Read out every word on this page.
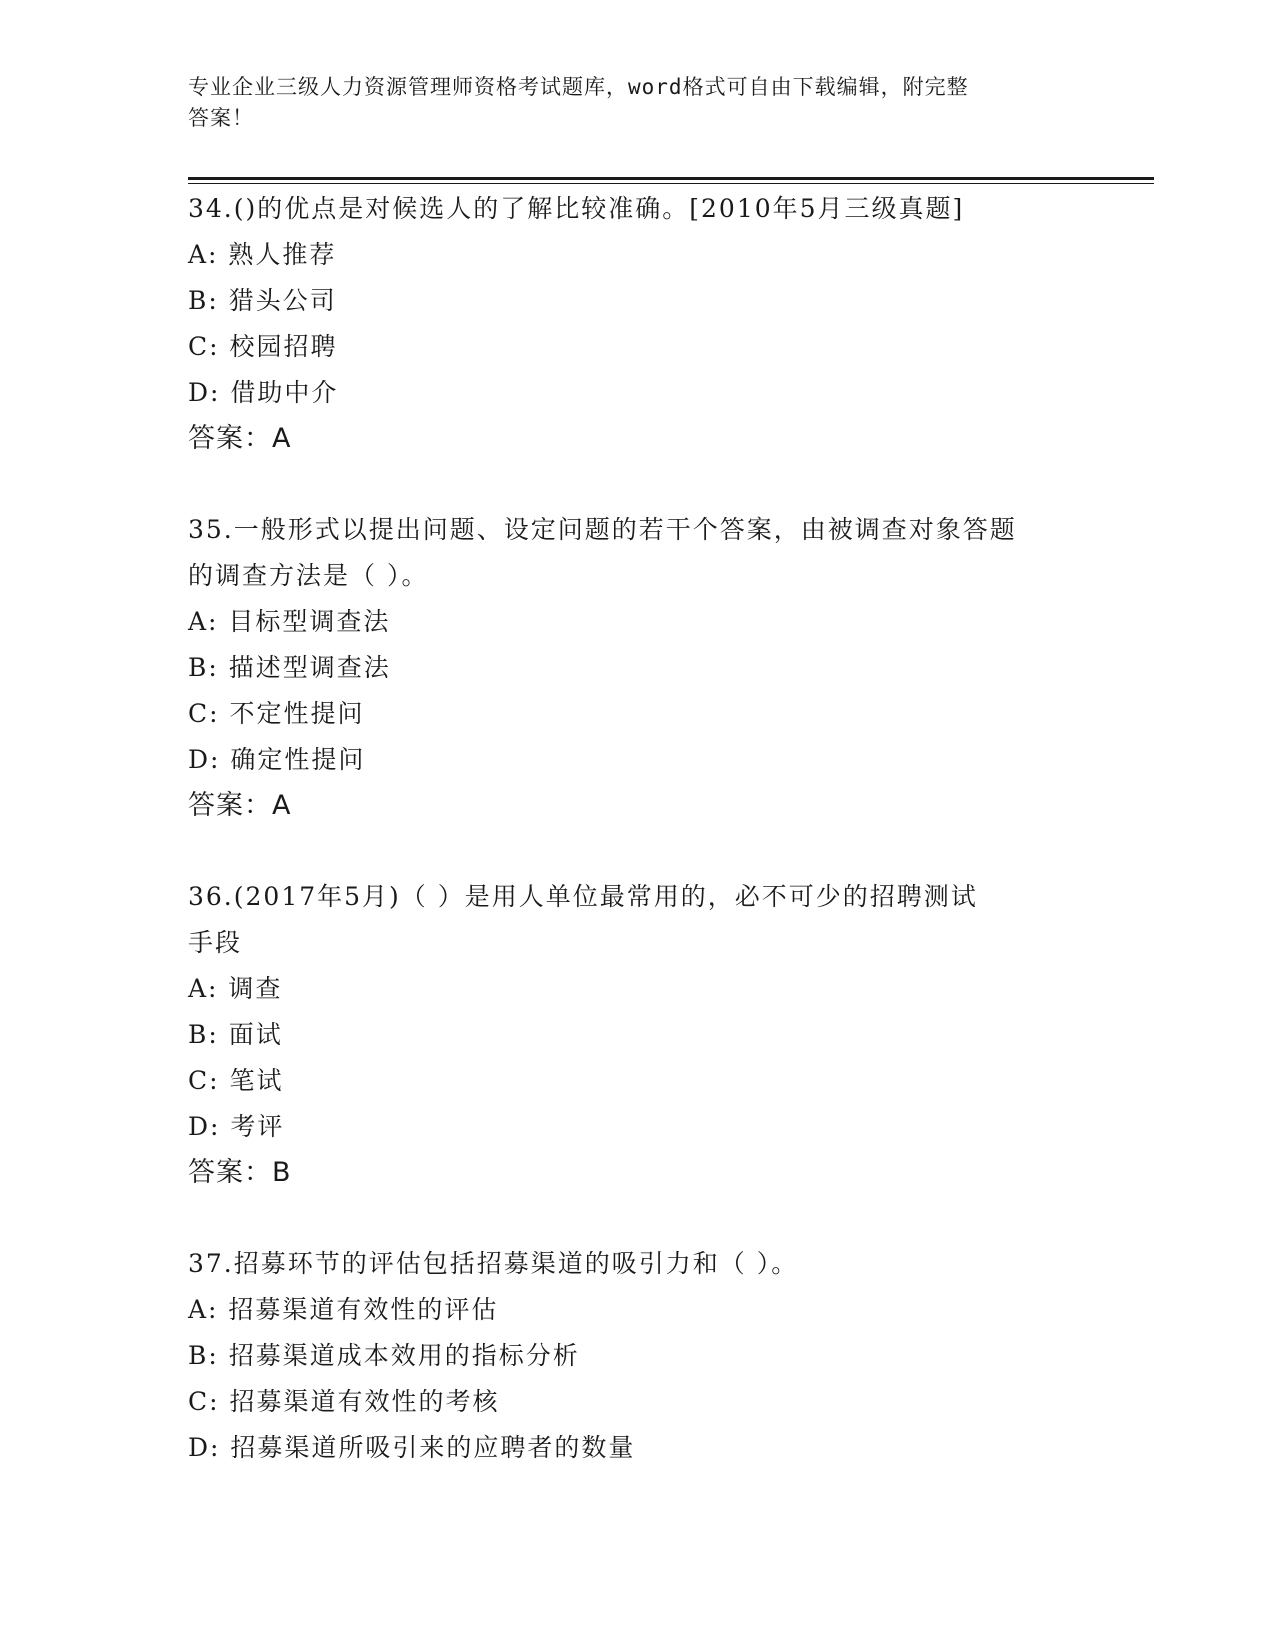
专业企业三级人力资源管理师资格考试题库，word格式可自由下载编辑，附完整
答案！
34.()的优点是对候选人的了解比较准确。[2010年5月三级真题]
A: 熟人推荐
B: 猎头公司
C: 校园招聘
D: 借助中介
答案：A
35.一般形式以提出问题、设定问题的若干个答案，由被调查对象答题
的调查方法是（ ）。
A: 目标型调查法
B: 描述型调查法
C: 不定性提问
D: 确定性提问
答案：A
36.(2017年5月)（ ）是用人单位最常用的，必不可少的招聘测试
手段
A: 调查
B: 面试
C: 笔试
D: 考评
答案：B
37.招募环节的评估包括招募渠道的吸引力和（ ）。
A: 招募渠道有效性的评估
B: 招募渠道成本效用的指标分析
C: 招募渠道有效性的考核
D: 招募渠道所吸引来的应聘者的数量
